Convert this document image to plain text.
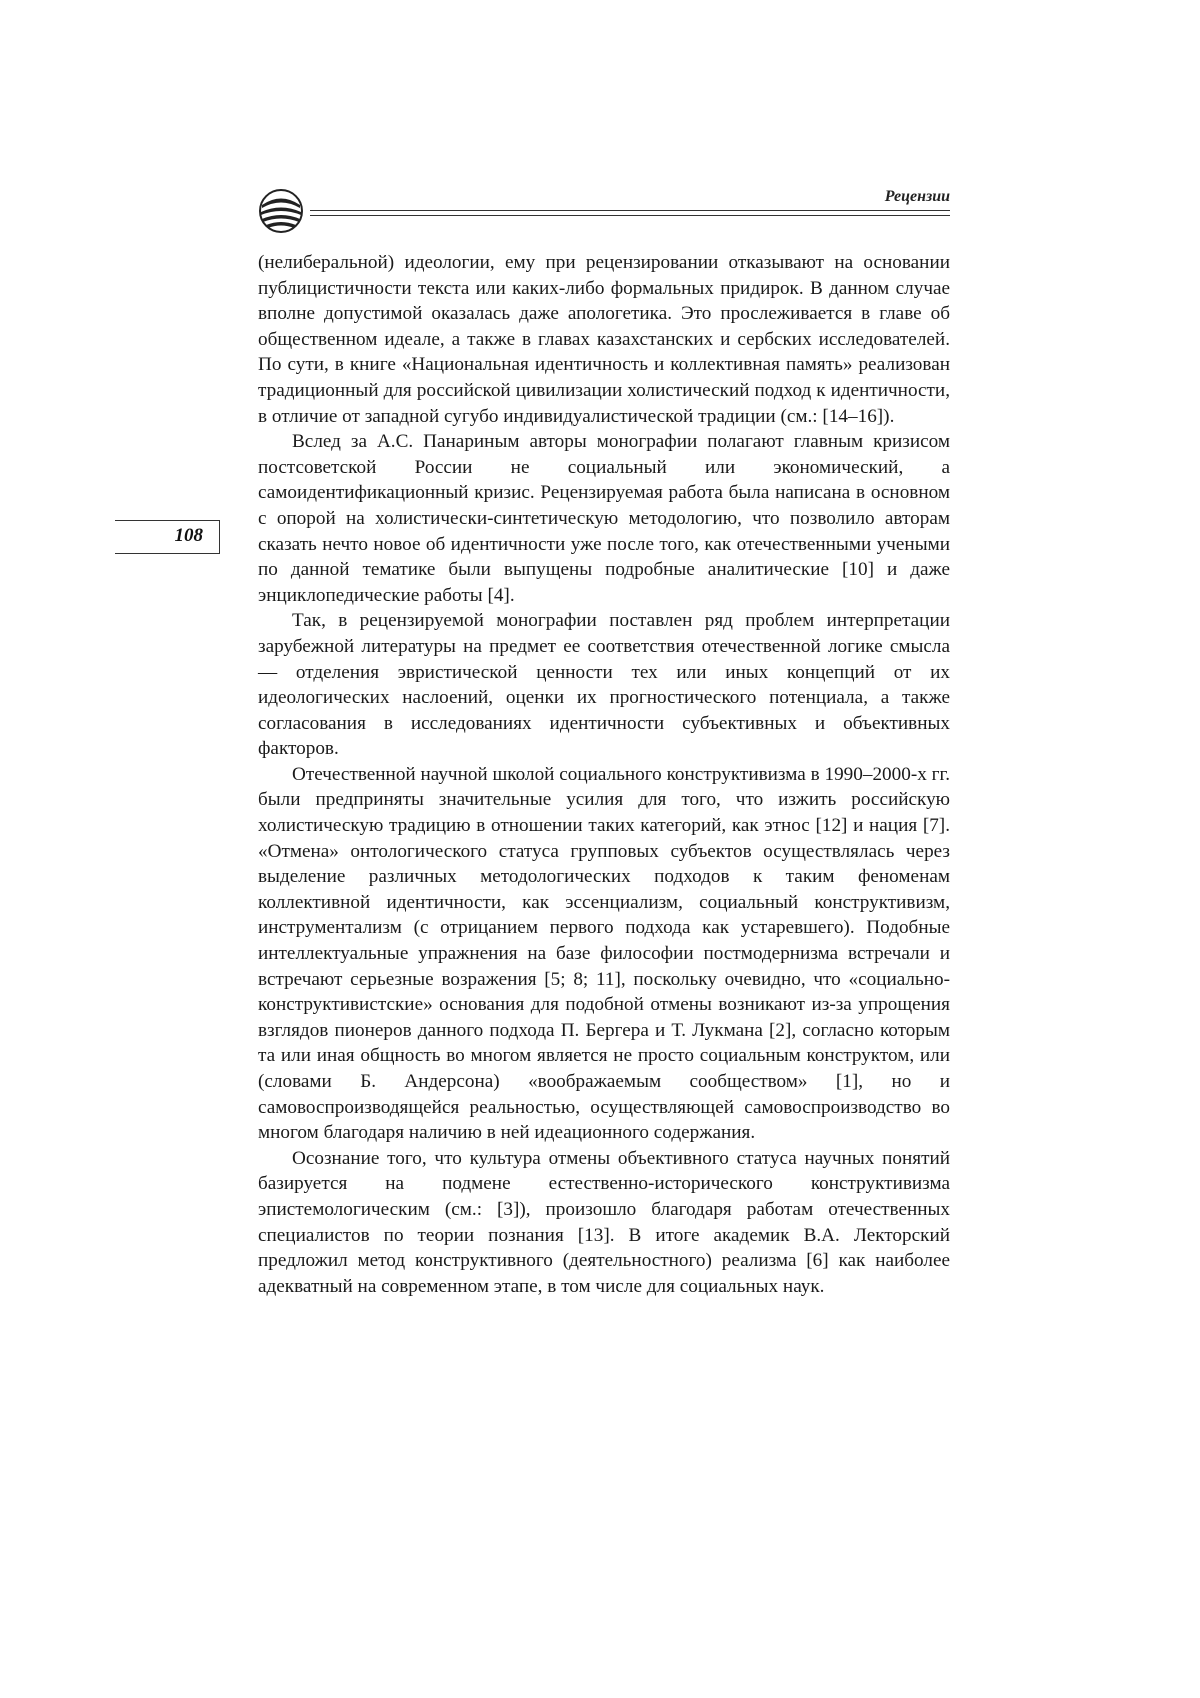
Рецензии
108

(нелиберальной) идеологии, ему при рецензировании отказывают на основании публицистичности текста или каких-либо формальных придирок. В данном случае вполне допустимой оказалась даже апологетика. Это прослеживается в главе об общественном идеале, а также в главах казахстанских и сербских исследователей. По сути, в книге «Национальная идентичность и коллективная память» реализован традиционный для российской цивилизации холистический подход к идентичности, в отличие от западной сугубо индивидуалистической традиции (см.: [14–16]).

Вслед за А.С. Панариным авторы монографии полагают главным кризисом постсоветской России не социальный или экономический, а самоидентификационный кризис. Рецензируемая работа была написана в основном с опорой на холистически-синтетическую методологию, что позволило авторам сказать нечто новое об идентичности уже после того, как отечественными учеными по данной тематике были выпущены подробные аналитические [10] и даже энциклопедические работы [4].

Так, в рецензируемой монографии поставлен ряд проблем интерпретации зарубежной литературы на предмет ее соответствия отечественной логике смысла — отделения эвристической ценности тех или иных концепций от их идеологических наслоений, оценки их прогностического потенциала, а также согласования в исследованиях идентичности субъективных и объективных факторов.

Отечественной научной школой социального конструктивизма в 1990–2000-х гг. были предприняты значительные усилия для того, что изжить российскую холистическую традицию в отношении таких категорий, как этнос [12] и нация [7]. «Отмена» онтологического статуса групповых субъектов осуществлялась через выделение различных методологических подходов к таким феноменам коллективной идентичности, как эссенциализм, социальный конструктивизм, инструментализм (с отрицанием первого подхода как устаревшего). Подобные интеллектуальные упражнения на базе философии постмодернизма встречали и встречают серьезные возражения [5; 8; 11], поскольку очевидно, что «социально-конструктивистские» основания для подобной отмены возникают из-за упрощения взглядов пионеров данного подхода П. Бергера и Т. Лукмана [2], согласно которым та или иная общность во многом является не просто социальным конструктом, или (словами Б. Андерсона) «воображаемым сообществом» [1], но и самовоспроизводящейся реальностью, осуществляющей самовоспроизводство во многом благодаря наличию в ней идеационного содержания.

Осознание того, что культура отмены объективного статуса научных понятий базируется на подмене естественно-исторического конструктивизма эпистемологическим (см.: [3]), произошло благодаря работам отечественных специалистов по теории познания [13]. В итоге академик В.А. Лекторский предложил метод конструктивного (деятельностного) реализма [6] как наиболее адекватный на современном этапе, в том числе для социальных наук.
